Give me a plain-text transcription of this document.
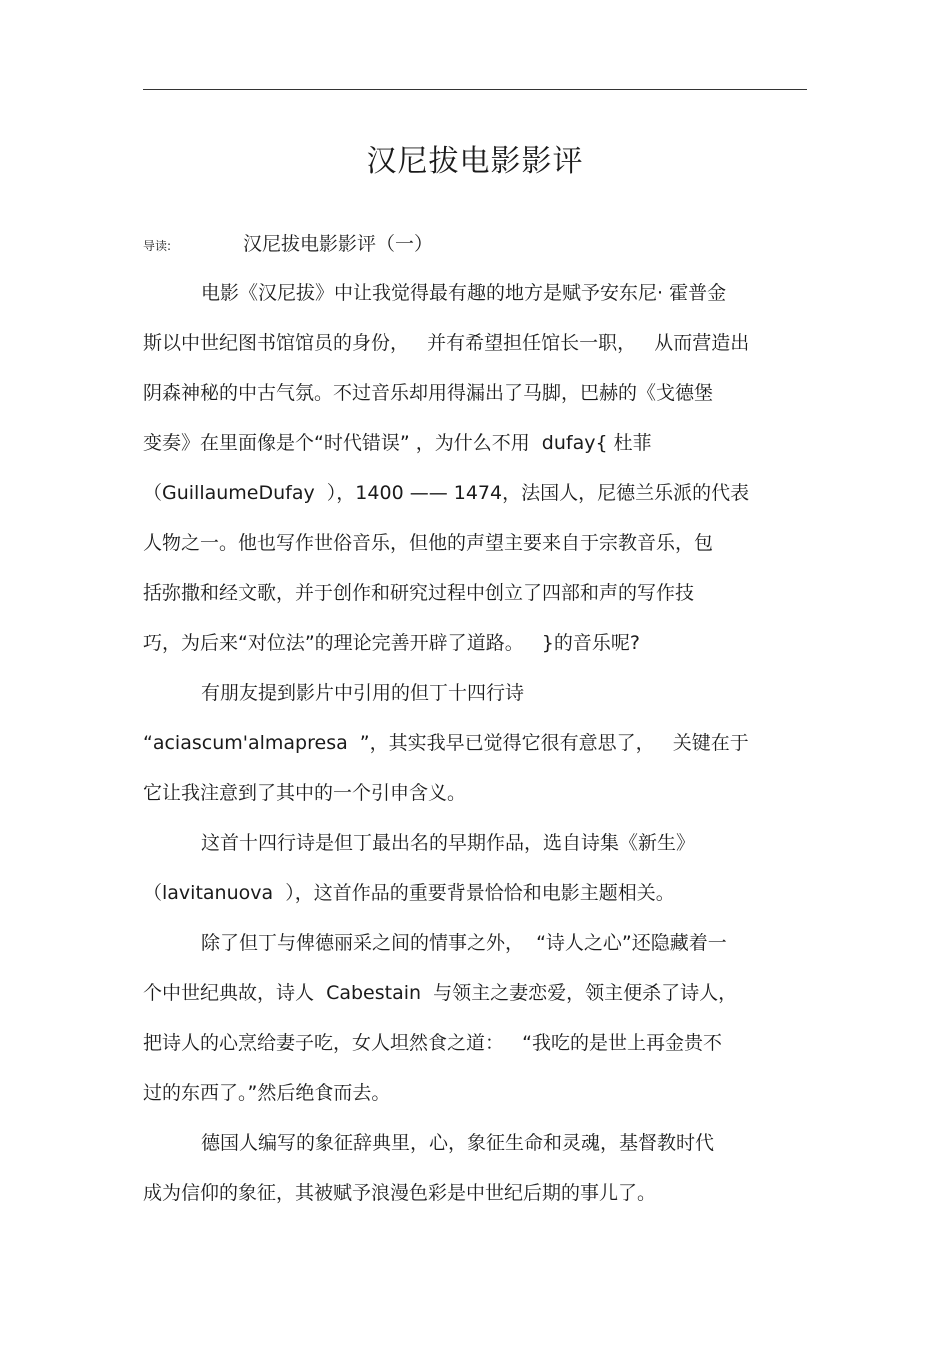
汉尼拔电影影评
导读:	汉尼拔电影影评（一）
电影《汉尼拔》中让我觉得最有趣的地方是赋予安东尼· 霍普金
斯以中世纪图书馆馆员的身份，   并有希望担任馆长一职，   从而营造出
阴森神秘的中古气氛。不过音乐却用得漏出了马脚，巴赫的《戈德堡
变奏》在里面像是个“时代错误” ，为什么不用  dufay{ 杜菲
（GuillaumeDufay  ），1400 —— 1474，法国人，尼德兰乐派的代表
人物之一。他也写作世俗音乐，但他的声望主要来自于宗教音乐，包
括弥撒和经文歌，并于创作和研究过程中创立了四部和声的写作技
巧，为后来“对位法”的理论完善开辟了道路。   }的音乐呢?
有朋友提到影片中引用的但丁十四行诗
“aciascum'almapresa  ”，其实我早已觉得它很有意思了，   关键在于
它让我注意到了其中的一个引申含义。
这首十四行诗是但丁最出名的早期作品，选自诗集《新生》
（lavitanuova  ），这首作品的重要背景恰恰和电影主题相关。
除了但丁与俾德丽采之间的情事之外，  “诗人之心”还隐藏着一
个中世纪典故，诗人  Cabestain  与领主之妻恋爱，领主便杀了诗人，
把诗人的心烹给妻子吃，女人坦然食之道：   “我吃的是世上再金贵不
过的东西了。”然后绝食而去。
德国人编写的象征辞典里，心，象征生命和灵魂，基督教时代
成为信仰的象征，其被赋予浪漫色彩是中世纪后期的事儿了。
